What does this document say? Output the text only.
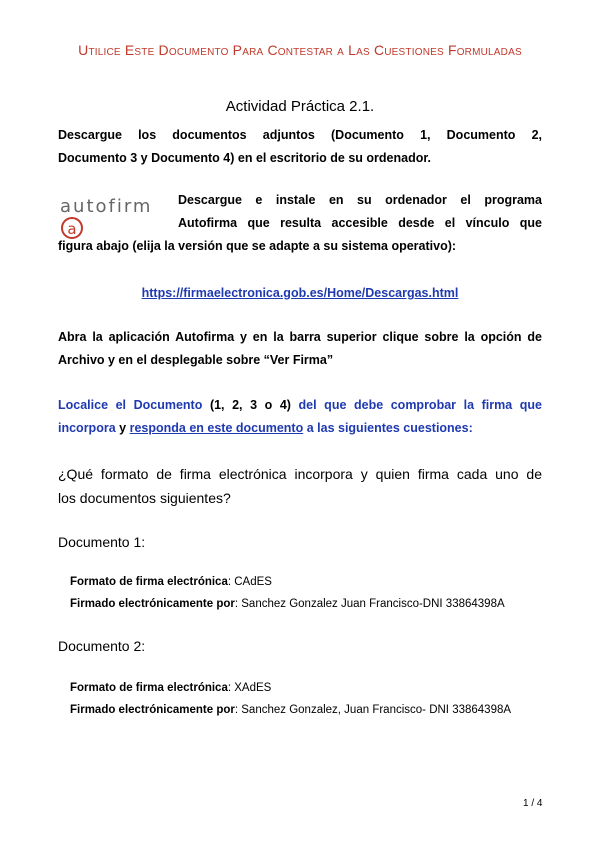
Utilice Este Documento Para Contestar a Las Cuestiones Formuladas
Actividad Práctica 2.1.
Descargue los documentos adjuntos (Documento 1, Documento 2,
Documento 3 y Documento 4) en el escritorio de su ordenador.
autofirma
Descargue e instale en su ordenador el programa
Autofirma que resulta accesible desde el vínculo que
figura abajo (elija la versión que se adapte a su sistema operativo):
https://firmaelectronica.gob.es/Home/Descargas.html
Abra la aplicación Autofirma y en la barra superior clique sobre la opción de
Archivo y en el desplegable sobre “Ver Firma”
Localice el Documento (1, 2, 3 o 4) del que debe comprobar la firma que
incorpora y responda en este documento a las siguientes cuestiones:
¿Qué formato de firma electrónica incorpora y quien firma cada uno de
los documentos siguientes?
Documento 1:
Formato de firma electrónica: CAdES
Firmado electrónicamente por: Sanchez Gonzalez Juan Francisco-DNI 33864398A
Documento 2:
Formato de firma electrónica: XAdES
Firmado electrónicamente por: Sanchez Gonzalez, Juan Francisco- DNI 33864398A
1 / 4
